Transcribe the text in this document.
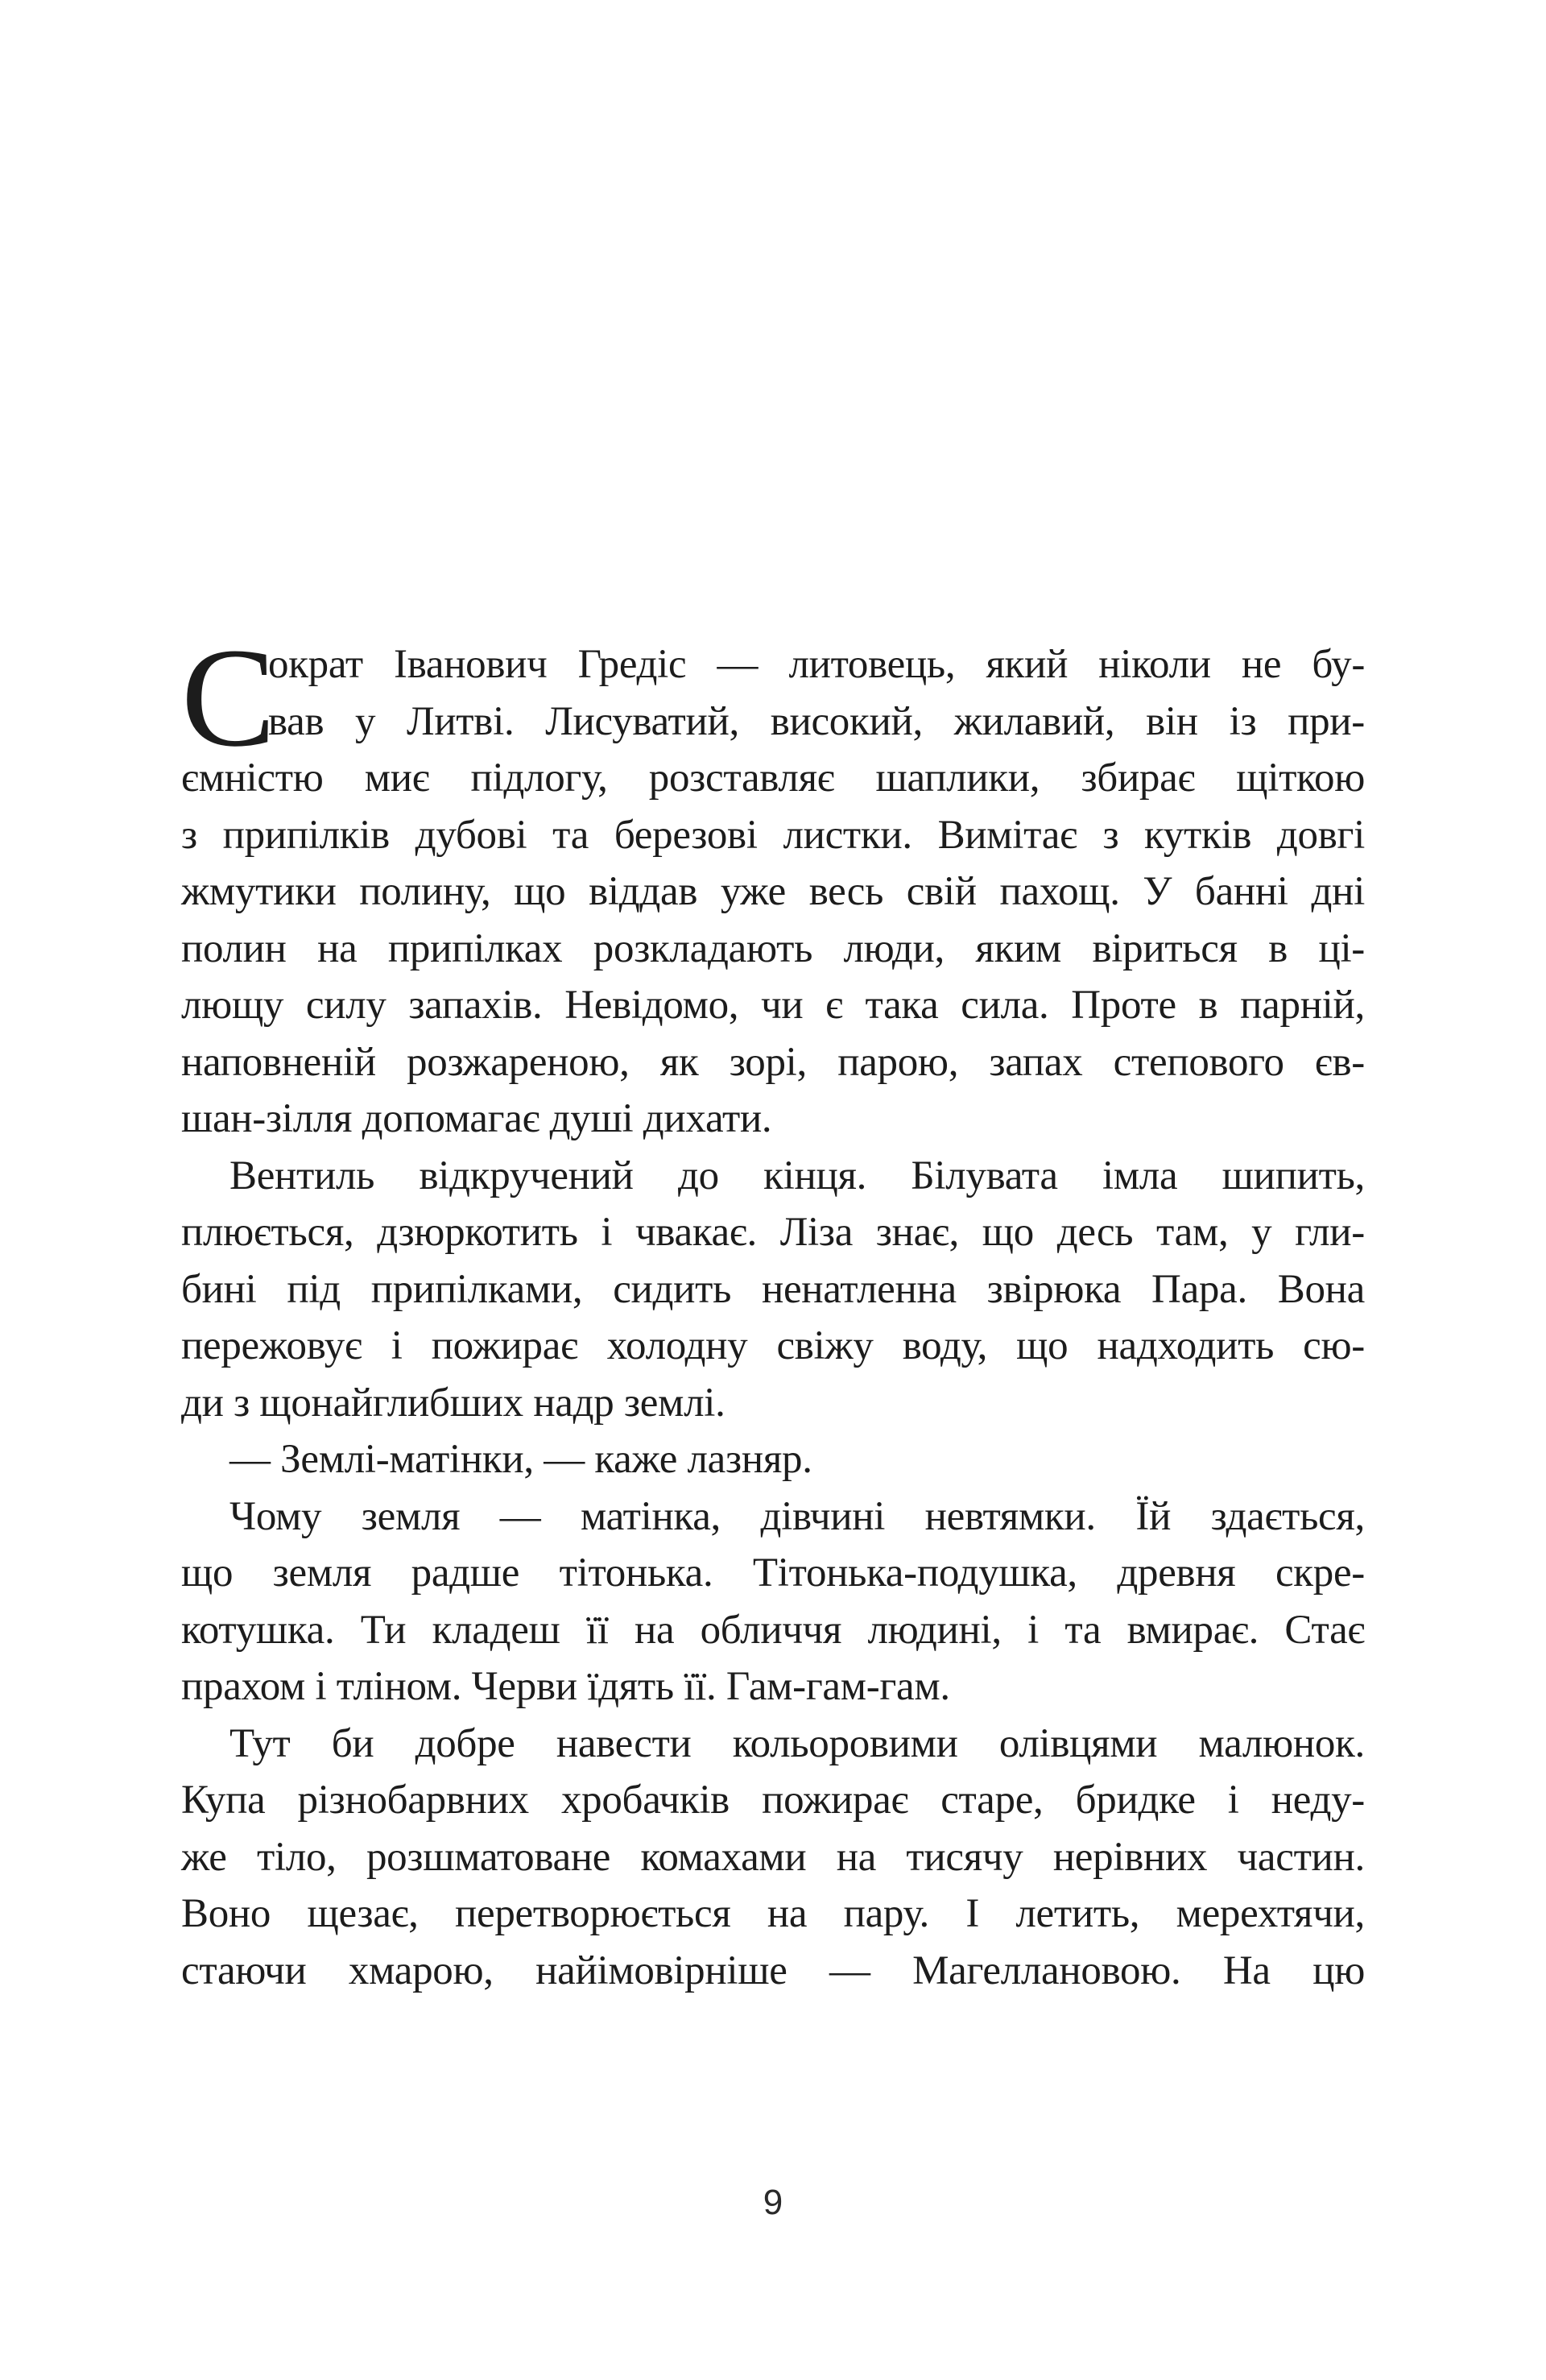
С
ократ Іванович Гредіс — литовець, який ніколи не бу-
вав у Литві. Лисуватий, високий, жилавий, він із при-
ємністю миє підлогу, розставляє шаплики, збирає щіткою
з припілків дубові та березові листки. Вимітає з кутків довгі
жмутики полину, що віддав уже весь свій пахощ. У банні дні
полин на припілках розкладають люди, яким віриться в ці-
лющу силу запахів. Невідомо, чи є така сила. Проте в парній,
наповненій розжареною, як зорі, парою, запах степового єв-
шан-зілля допомагає душі дихати.
Вентиль відкручений до кінця. Білувата імла шипить,
плюється, дзюркотить і чвакає. Ліза знає, що десь там, у гли-
бині під припілками, сидить ненатленна звірюка Пара. Вона
пережовує і пожирає холодну свіжу воду, що надходить сю-
ди з щонайглибших надр землі.
— Землі-матінки, — каже лазняр.
Чому земля — матінка, дівчині невтямки. Їй здається,
що земля радше тітонька. Тітонька-подушка, древня скре-
котушка. Ти кладеш її на обличчя людині, і та вмирає. Стає
прахом і тліном. Черви їдять її. Гам-гам-гам.
Тут би добре навести кольоровими олівцями малюнок.
Купа різнобарвних хробачків пожирає старе, бридке і неду-
же тіло, розшматоване комахами на тисячу нерівних частин.
Воно щезає, перетворюється на пару. І летить, мерехтячи,
стаючи хмарою, найімовірніше — Магеллановою. На цю
9
